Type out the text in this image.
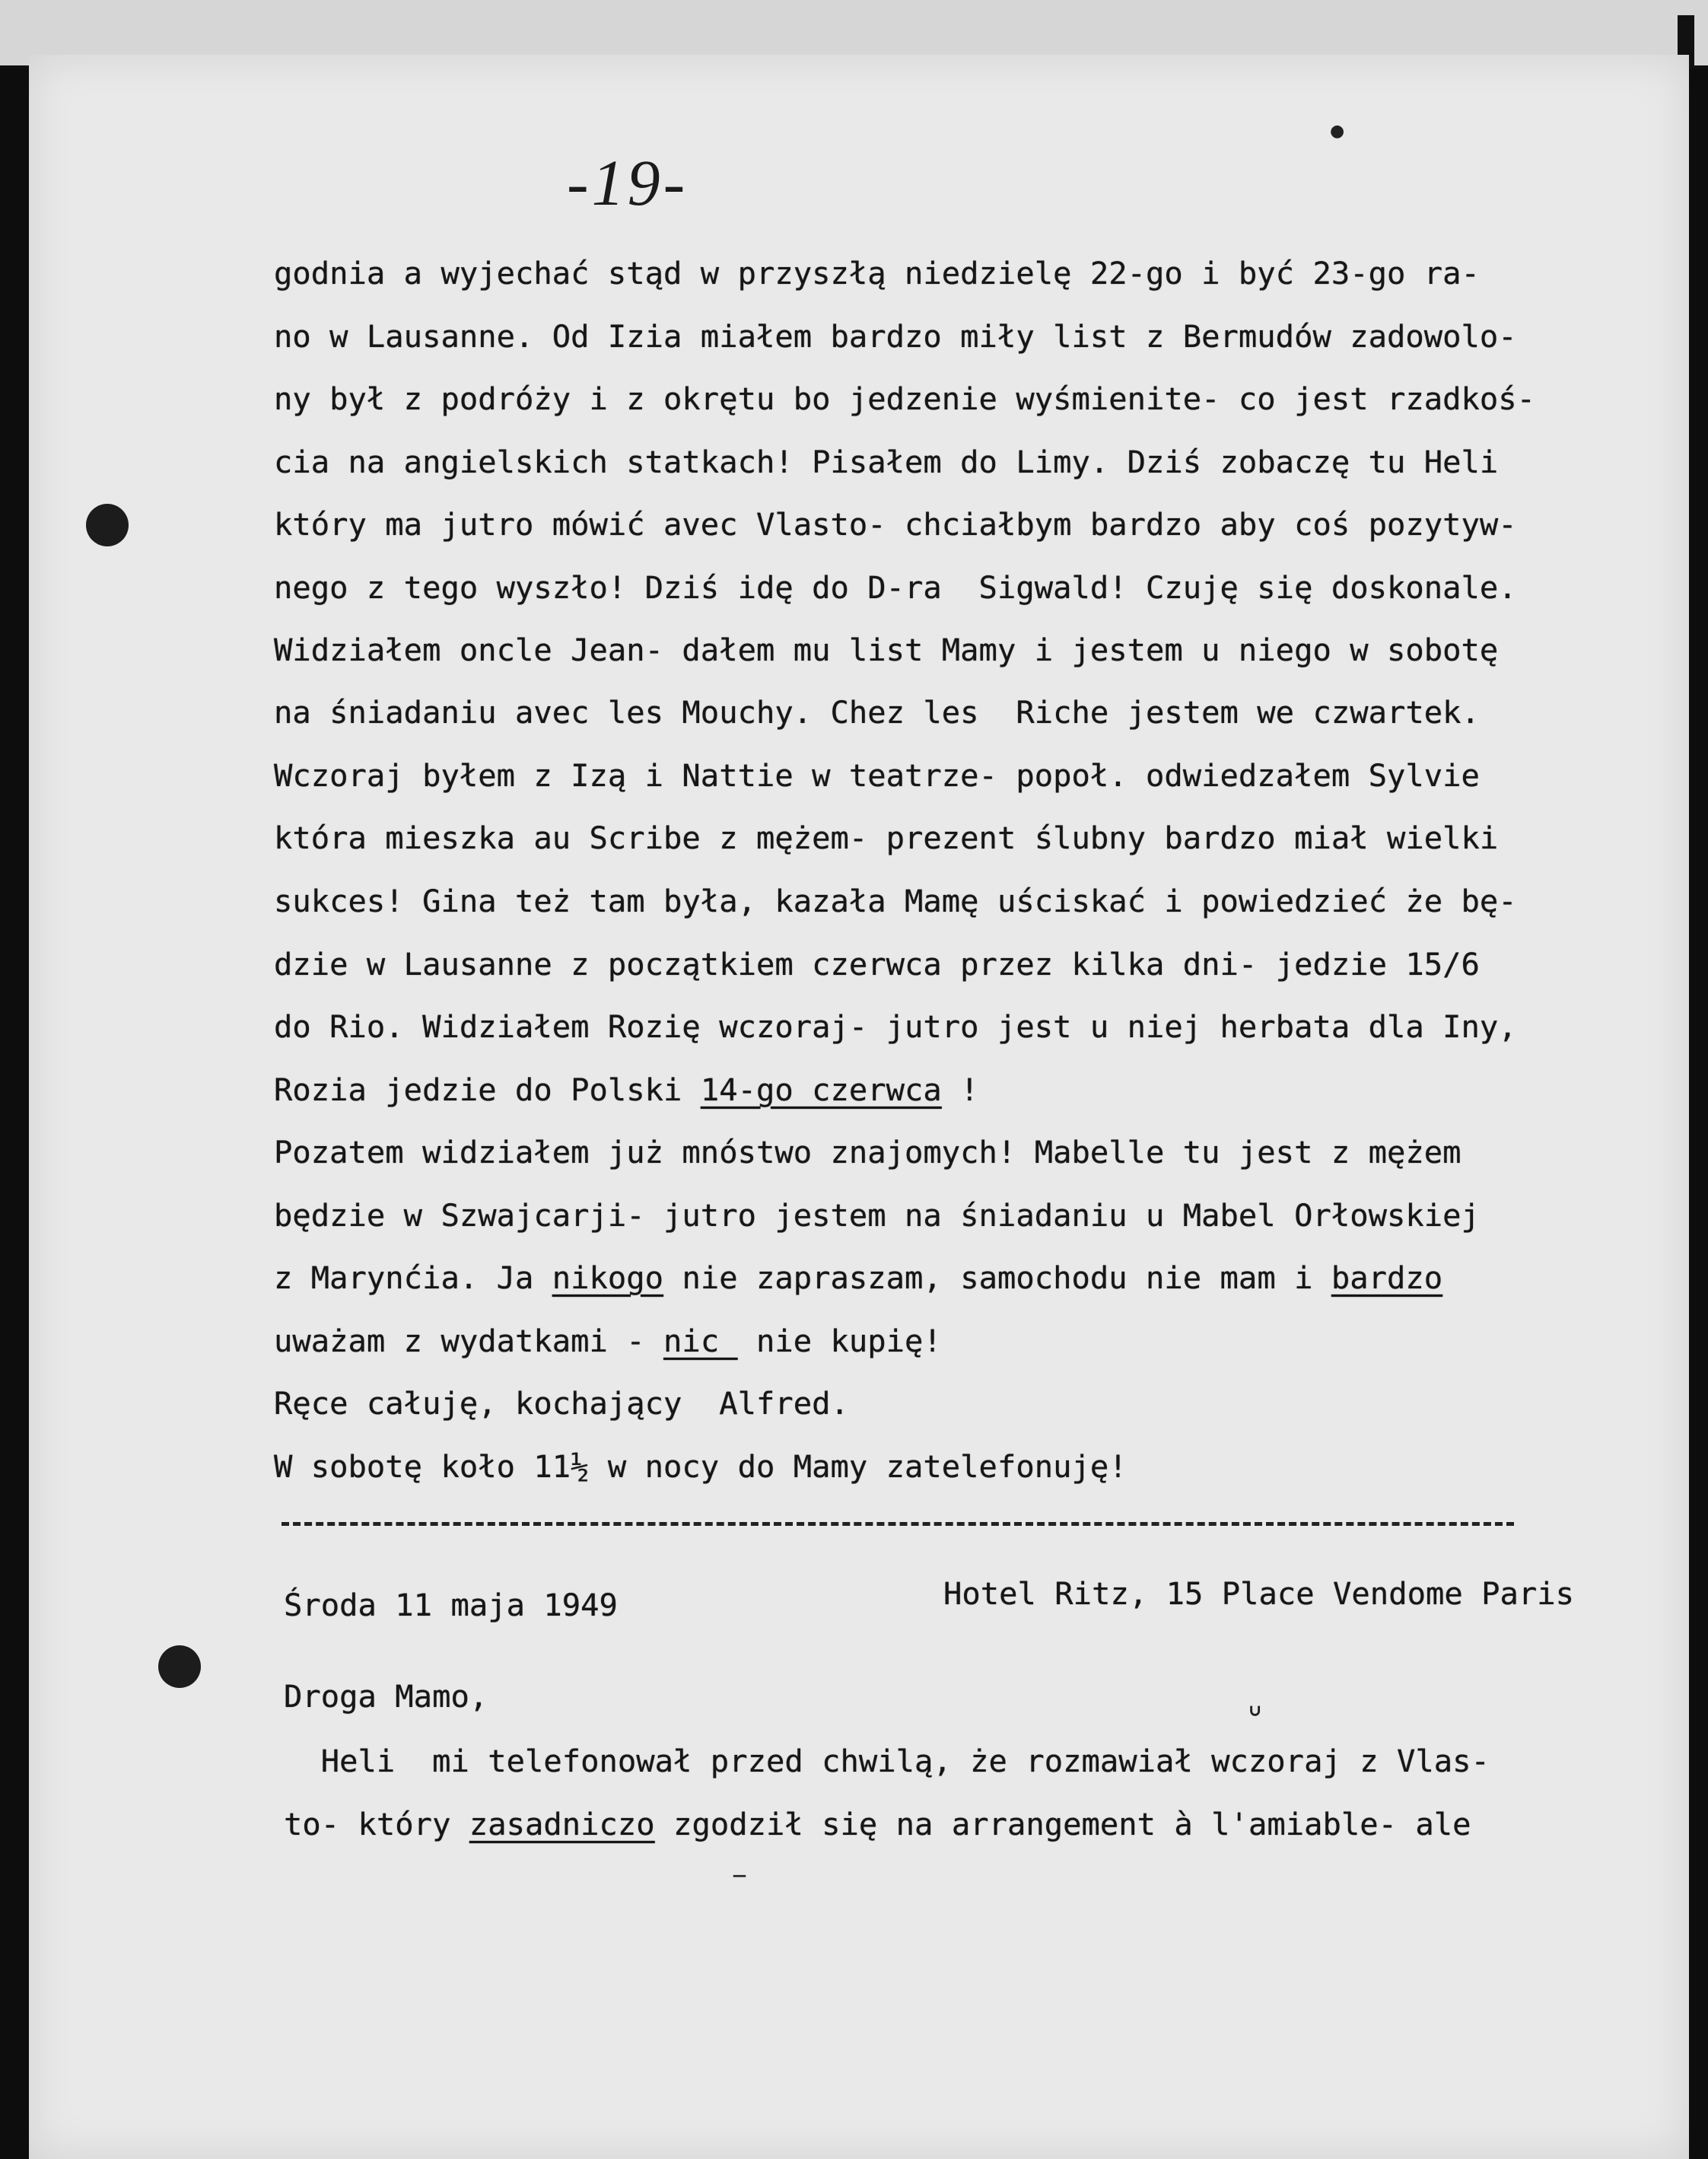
-19-
●
godnia a wyjechać stąd w przyszłą niedzielę 22-go i być 23-go ra-
no w Lausanne. Od Izia miałem bardzo miły list z Bermudów zadowolo-
ny był z podróży i z okrętu bo jedzenie wyśmienite- co jest rzadkoś-
cia na angielskich statkach! Pisałem do Limy. Dziś zobaczę tu Heli
który ma jutro mówić avec Vlasto- chciałbym bardzo aby coś pozytyw-
nego z tego wyszło! Dziś idę do D-ra  Sigwald! Czuję się doskonale.
Widziałem oncle Jean- dałem mu list Mamy i jestem u niego w sobotę
na śniadaniu avec les Mouchy. Chez les  Riche jestem we czwartek.
Wczoraj byłem z Izą i Nattie w teatrze- popoł. odwiedzałem Sylvie
która mieszka au Scribe z mężem- prezent ślubny bardzo miał wielki
sukces! Gina też tam była, kazała Mamę uściskać i powiedzieć że bę-
dzie w Lausanne z początkiem czerwca przez kilka dni- jedzie 15/6
do Rio. Widziałem Rozię wczoraj- jutro jest u niej herbata dla Iny,
Rozia jedzie do Polski 14-go czerwca !
Pozatem widziałem już mnóstwo znajomych! Mabelle tu jest z mężem
będzie w Szwajcarji- jutro jestem na śniadaniu u Mabel Orłowskiej
z Marynćia. Ja nikogo nie zapraszam, samochodu nie mam i bardzo
uważam z wydatkami - nic  nie kupię!
Ręce całuję, kochający  Alfred.
W sobotę koło 11½ w nocy do Mamy zatelefonuję!
Środa 11 maja 1949	Hotel Ritz, 15 Place Vendome Paris
Droga Mamo,
Heli  mi telefonował przed chwilą, że rozmawiał wczoraj z Vlas-
to- który zasadniczo zgodził się na arrangement à l'amiable- ale
–
ᐡ
